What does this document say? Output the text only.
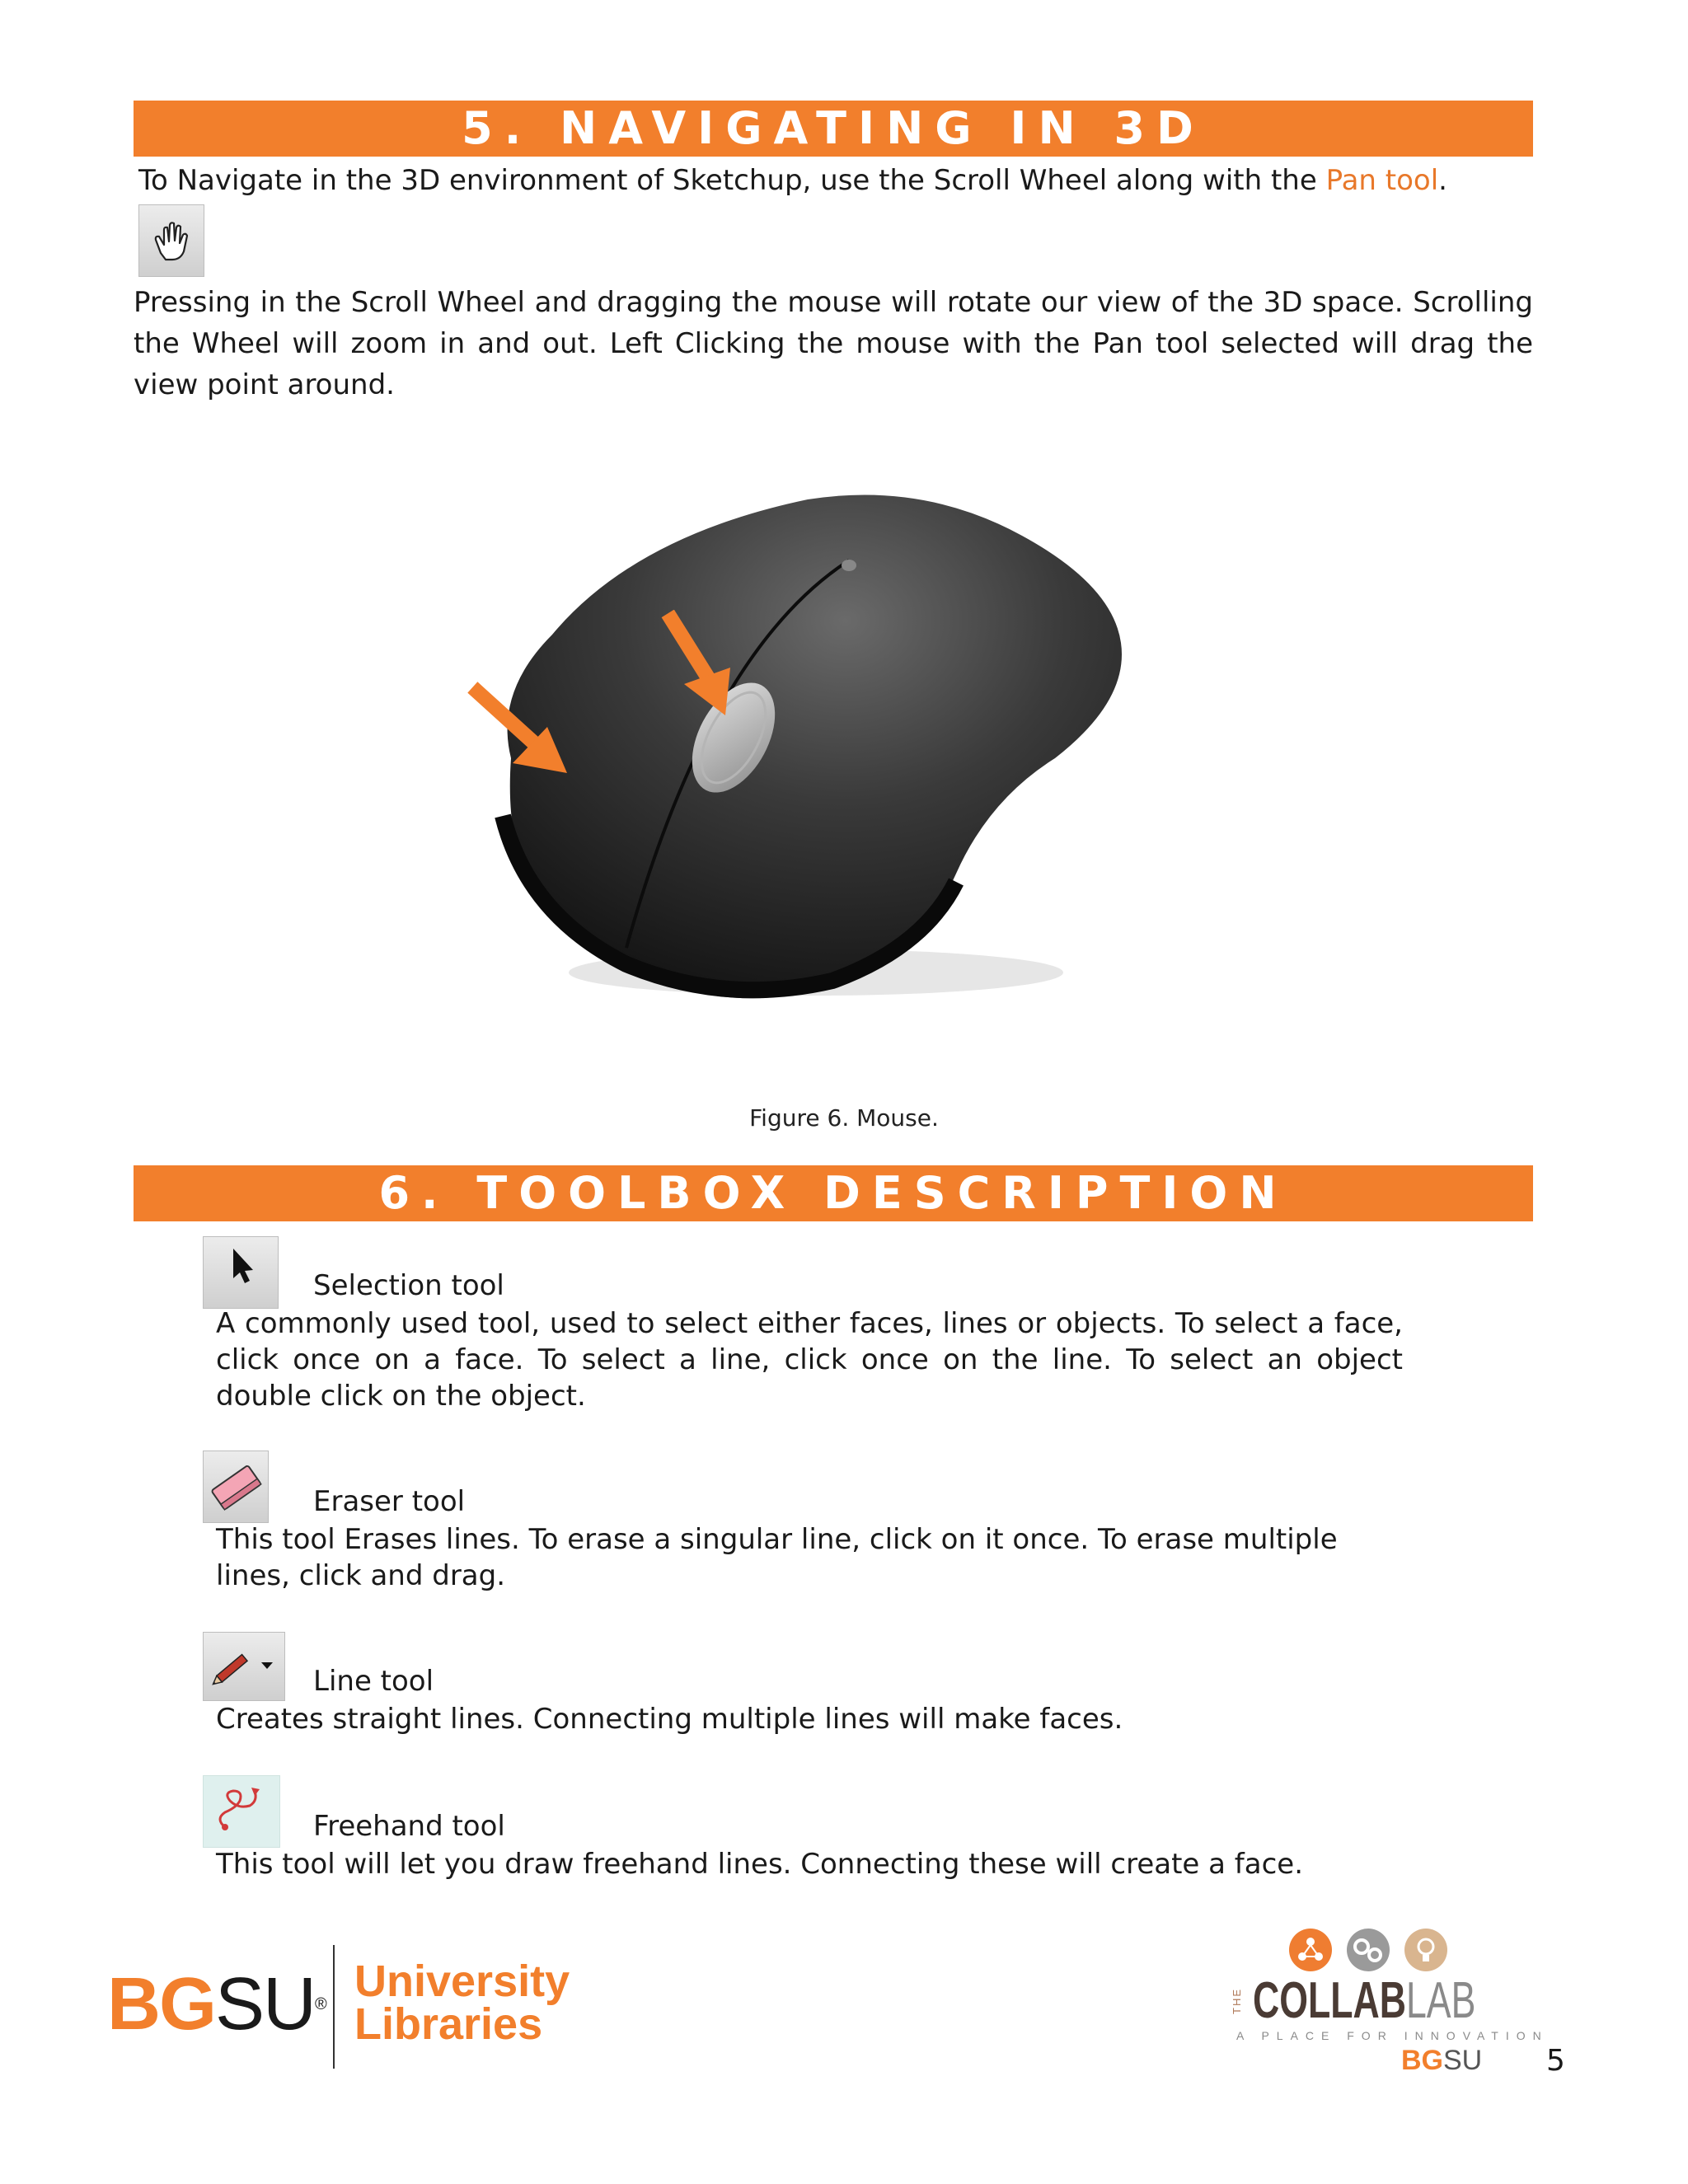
5. NAVIGATING IN 3D
To Navigate in the 3D environment of Sketchup, use the Scroll Wheel along with the Pan tool.
Pressing in the Scroll Wheel and dragging the mouse will rotate our view of the 3D space. Scrolling the Wheel will zoom in and out. Left Clicking the mouse with the Pan tool selected will drag the view point around.
Figure 6. Mouse.
6. TOOLBOX DESCRIPTION
Selection tool
A commonly used tool, used to select either faces, lines or objects. To select a face, click once on a face. To select a line, click once on the line. To select an object double click on the object.
Eraser tool
This tool Erases lines. To erase a singular line, click on it once. To erase multiple lines, click and drag.
Line tool
Creates straight lines. Connecting multiple lines will make faces.
Freehand tool
This tool will let you draw freehand lines. Connecting these will create a face.
BGSU® University
Libraries	THE COLLABLAB
A PLACE FOR INNOVATION
BGSU 5
